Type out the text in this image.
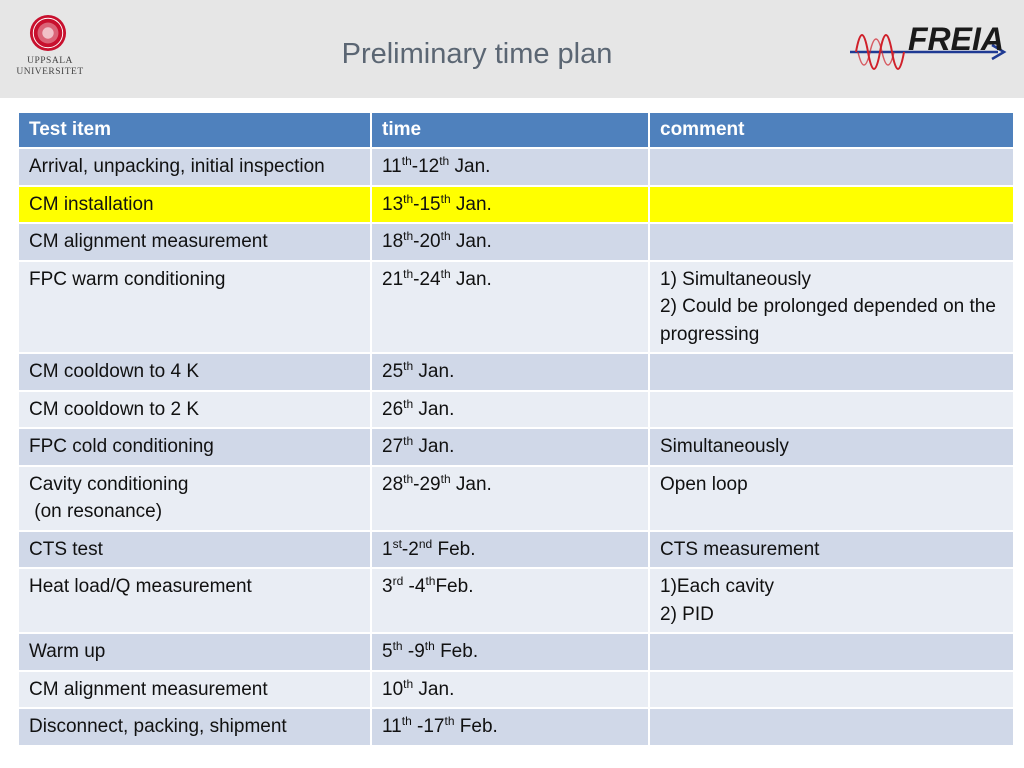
UPPSALA
UNIVERSITET
Preliminary time plan	FREIA
Test item	time	comment
Arrival, unpacking, initial inspection	11th-12th Jan.	
CM installation	13th-15th Jan.	
CM alignment measurement	18th-20th Jan.	
FPC warm conditioning	21th-24th Jan.	1) Simultaneously
2) Could be prolonged depended on the progressing

CM cooldown to 4 K	25th Jan.	
CM cooldown to 2 K	26th Jan.	
FPC cold conditioning	27th Jan.	Simultaneously

Cavity conditioning
(on resonance)	28th-29th Jan.	Open loop

CTS test	1st-2nd Feb.	CTS measurement

Heat load/Q measurement	3rd -4thFeb.	1)Each cavity
2) PID

Warm up	5th -9th Feb.	
CM alignment measurement	10th Jan.	
Disconnect, packing, shipment	11th -17th Feb.	
